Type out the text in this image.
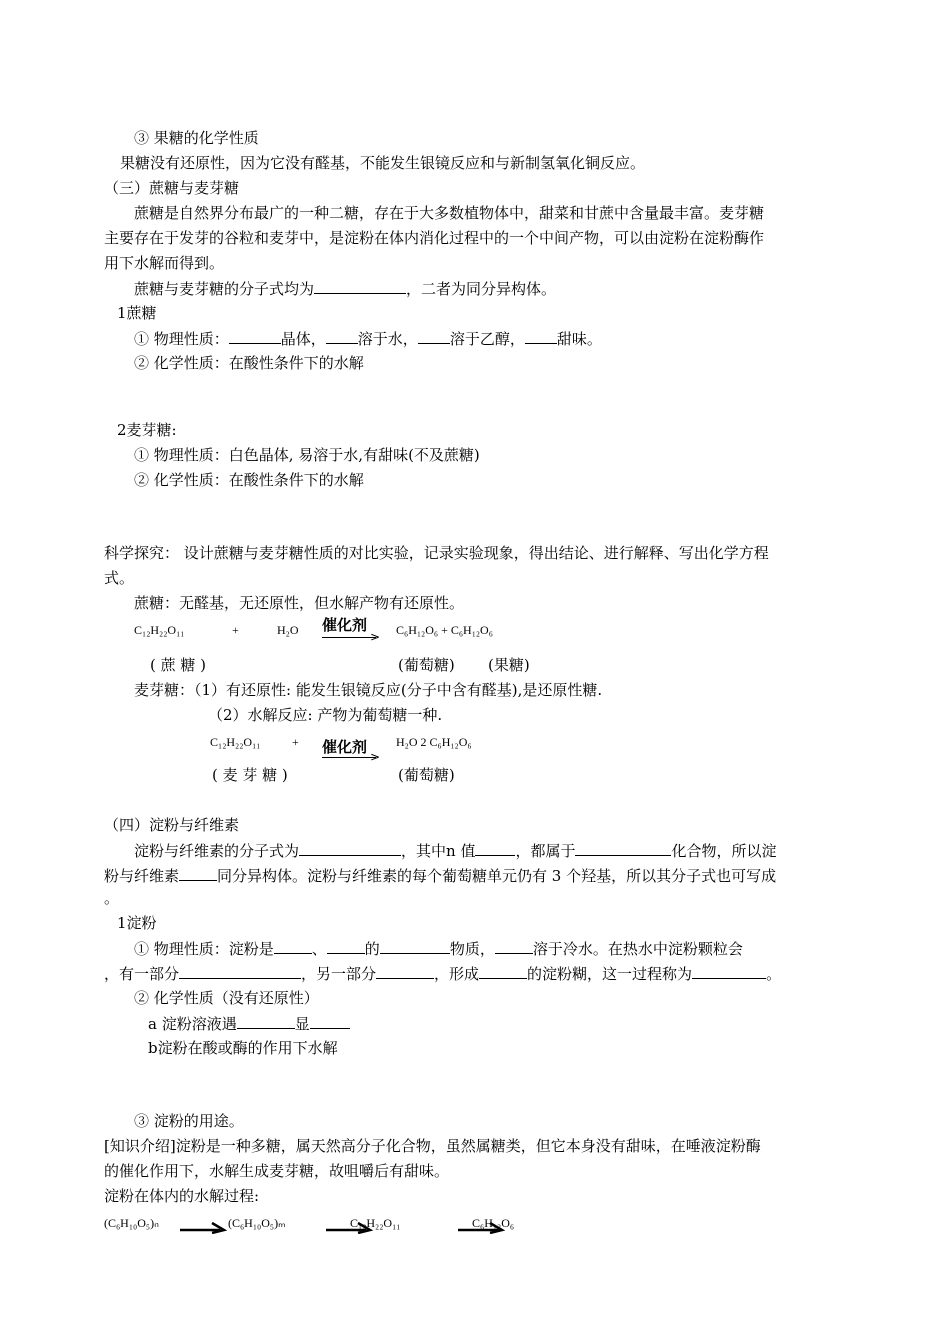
③ 果糖的化学性质
果糖没有还原性，因为它没有醛基，不能发生银镜反应和与新制氢氧化铜反应。
（三）蔗糖与麦芽糖
蔗糖是自然界分布最广的一种二糖，存在于大多数植物体中，甜菜和甘蔗中含量最丰富。麦芽糖
主要存在于发芽的谷粒和麦芽中，是淀粉在体内消化过程中的一个中间产物，可以由淀粉在淀粉酶作
用下水解而得到。
蔗糖与麦芽糖的分子式均为	，二者为同分异构体。
1蔗糖
① 物理性质：	晶体， 溶于水， 溶于乙醇， 甜味。
② 化学性质：在酸性条件下的水解
2麦芽糖:
① 物理性质：白色晶体, 易溶于水,有甜味(不及蔗糖)
② 化学性质：在酸性条件下的水解
科学探究： 设计蔗糖与麦芽糖性质的对比实验，记录实验现象，得出结论、进行解释、写出化学方程
式。
蔗糖：无醛基，无还原性，但水解产物有还原性。
C₁₂H₂₂O₁₁	+	H₂O 催化剂
> C₆H₁₂O₆ + C₆H₁₂O₆
( 蔗 糖 )	(葡萄糖) (果糖)
麦芽糖：（1）有还原性: 能发生银镜反应(分子中含有醛基),是还原性糖.
（2）水解反应: 产物为葡萄糖一种.
C₁₂H₂₂O₁₁	+ 催化剂
>
H₂O 2 C₆H₁₂O₆
( 麦 芽 糖 )	(葡萄糖)
（四）淀粉与纤维素
淀粉与纤维素的分子式为	，其中n 值	，都属于	化合物，所以淀
粉与纤维素	同分异构体。淀粉与纤维素的每个葡萄糖单元仍有 3 个羟基，所以其分子式也可写成
。
1淀粉
① 物理性质：淀粉是	、	的	物质，	溶于冷水。在热水中淀粉颗粒会
，有一部分	，另一部分	，形成	的淀粉糊，这一过程称为	。
② 化学性质（没有还原性）
a 淀粉溶液遇	显
b淀粉在酸或酶的作用下水解
③ 淀粉的用途。
[知识介绍]淀粉是一种多糖，属天然高分子化合物，虽然属糖类，但它本身没有甜味，在唾液淀粉酶
的催化作用下，水解生成麦芽糖，故咀嚼后有甜味。
淀粉在体内的水解过程:
(C₆H₁₀O₅)ₙ	(C₆H₁₀O₅)ₘ	C₁₂H₂₂O₁₁	C₆H₁₂O₆
